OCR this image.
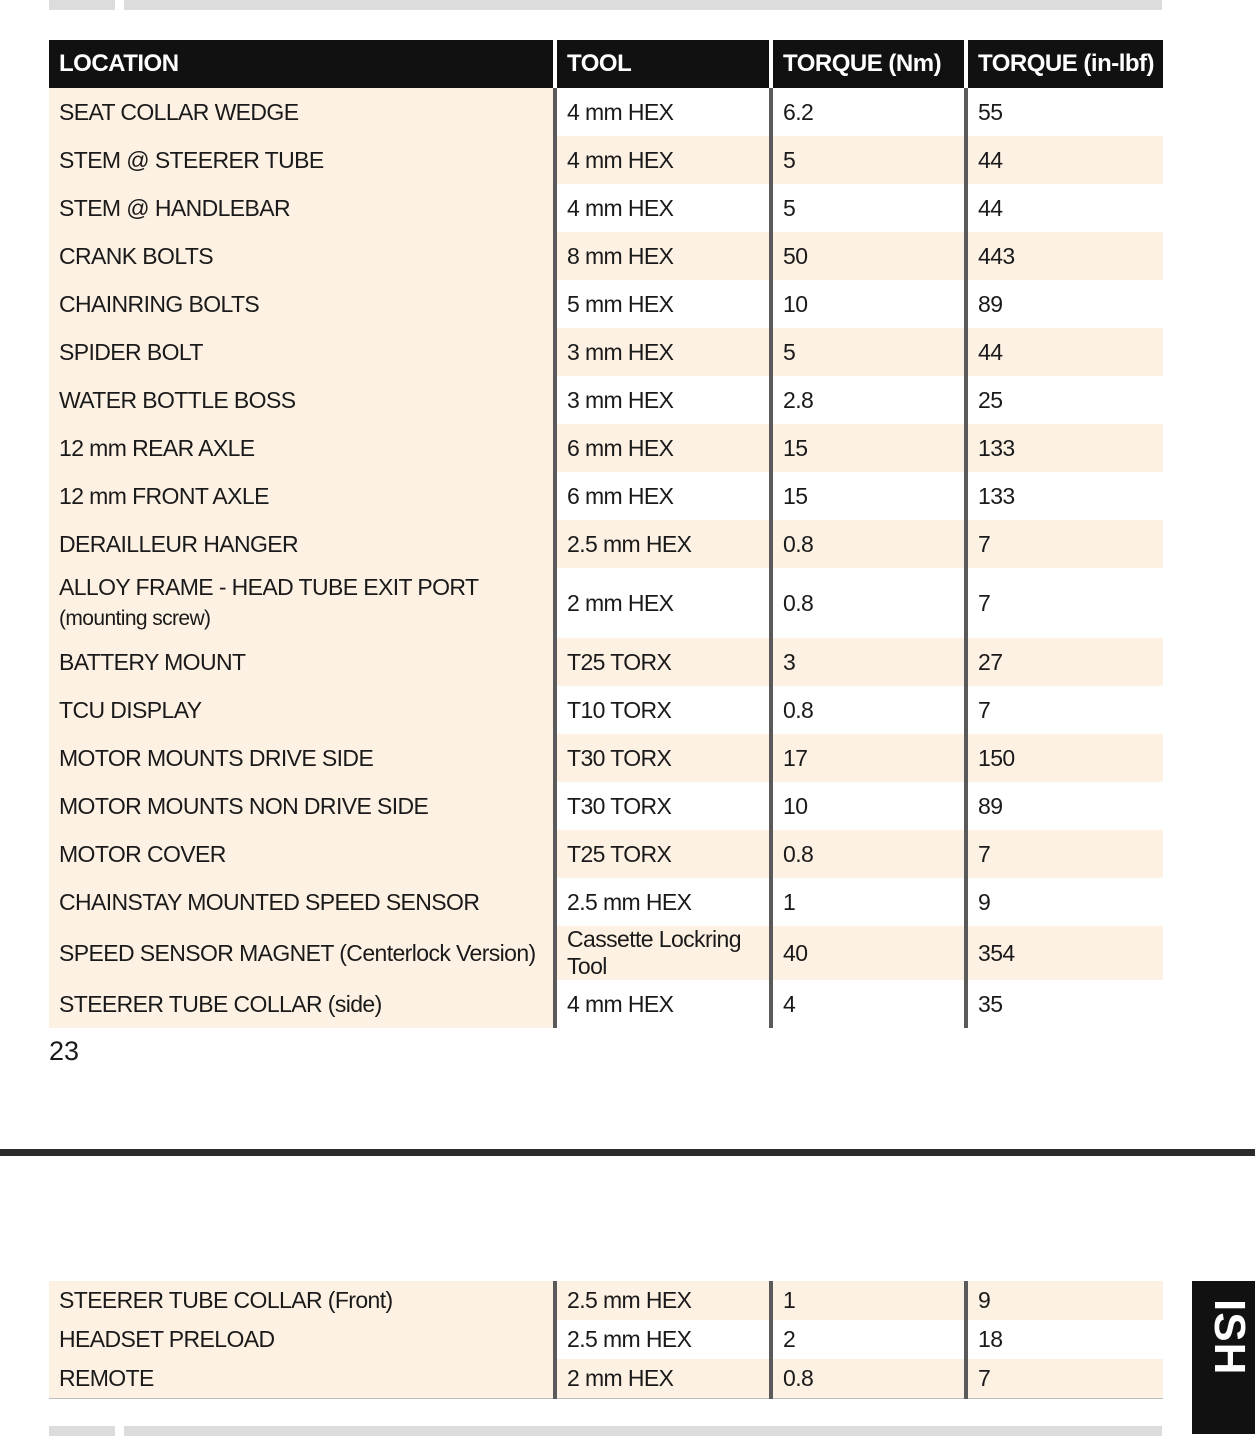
LOCATION	TOOL	TORQUE (Nm)	TORQUE (in-lbf)
SEAT COLLAR WEDGE	4 mm HEX	6.2	55
STEM @ STEERER TUBE	4 mm HEX	5	44
STEM @ HANDLEBAR	4 mm HEX	5	44
CRANK BOLTS	8 mm HEX	50	443
CHAINRING BOLTS	5 mm HEX	10	89
SPIDER BOLT	3 mm HEX	5	44
WATER BOTTLE BOSS	3 mm HEX	2.8	25
12 mm REAR AXLE	6 mm HEX	15	133
12 mm FRONT AXLE	6 mm HEX	15	133
DERAILLEUR HANGER	2.5 mm HEX	0.8	7
ALLOY FRAME - HEAD TUBE EXIT PORT (mounting screw)	2 mm HEX	0.8	7
BATTERY MOUNT	T25 TORX	3	27
TCU DISPLAY	T10 TORX	0.8	7
MOTOR MOUNTS DRIVE SIDE	T30 TORX	17	150
MOTOR MOUNTS NON DRIVE SIDE	T30 TORX	10	89
MOTOR COVER	T25 TORX	0.8	7
CHAINSTAY MOUNTED SPEED SENSOR	2.5 mm HEX	1	9
SPEED SENSOR MAGNET (Centerlock Version)	Cassette Lockring Tool	40	354
STEERER TUBE COLLAR (side)	4 mm HEX	4	35
23
STEERER TUBE COLLAR (Front)	2.5 mm HEX	1	9
HEADSET PRELOAD	2.5 mm HEX	2	18
REMOTE	2 mm HEX	0.8	7
ISH
